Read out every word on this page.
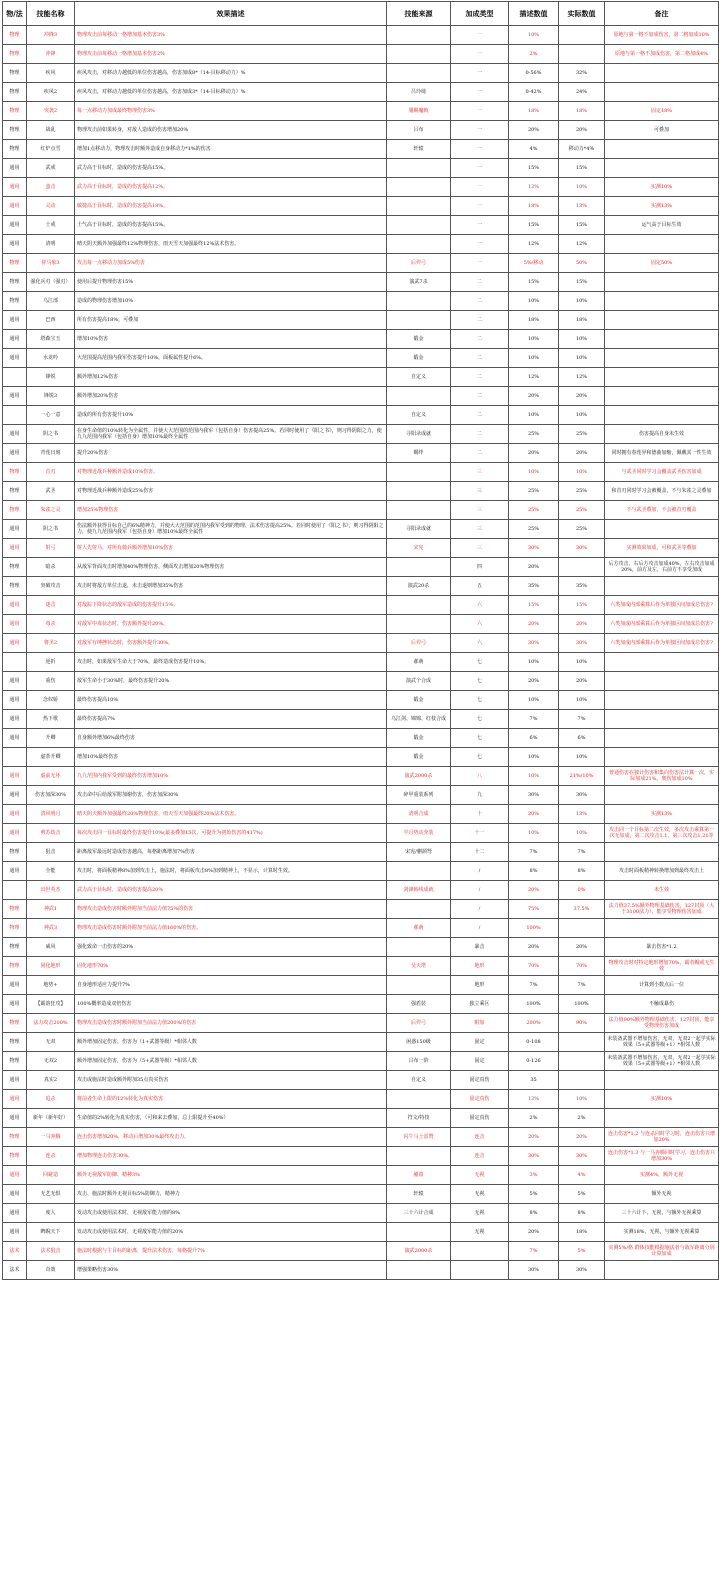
物/法	技能名称	效果描述	技能来源	加成类型	描述数值	实际数值	备注
物理	冲锋3	物理攻击前每移动一格增加基本伤害3%		一	10%		原地与第一格不加成伤害，第二格加成10%
物理	冲锋	物理攻击前每移动一格增加基本伤害2%		一	2%		原地与第一格不加成伤害，第二格加成4%
物理	疾风	疾风攻击，对移动力越低的单位伤害越高，伤害加成8*（14-目标移动力）%		一	0-56%	32%	
物理	疾风2	疾风攻击，对移动力越低的单位伤害越高，伤害加成3*（14-目标移动力）%	吕玲绮	一	0-42%	24%	
物理	突袭2	每一点移动力加成最终物理伤害3%	魇赐魔戟	一	18%	18%	固定18%
物理	战乱	物理攻击前如果转身，对敌人造成的伤害增加20%	吕布	一	20%	20%	可叠加
物理	红炉点雪	增加1点移动力，物理攻击时额外造成自身移动力*1%的伤害	轩辕	一	4%	移动力*4%	
通用	武戒	武力高于目标时，造成的伤害提高15%。		一	15%	15%	
通用	蛮击	武力高于目标时，造成的伤害提高12%。		一	12%	10%	实测10%
通用	灵动	敏捷高于目标时，造成的伤害提高18%。		一	18%	13%	实测13%
通用	士戒	士气高于目标时，造成的伤害提高15%。		一	15%	15%	运气高于目标生效
通用	清明	晴天阴天额外加强最终12%物理伤害，雨天雪天加强最终12%法术伤害。		一	12%	12%	
物理	祥马象3	攻击每一点移动力加成5%伤害	后羿弓	一	5%/移动	50%	固定50%
物理	强化兵刃（强刃）	使用后提升物理伤害15%	演武7杀	二	15%	15%	
物理	乌江部	造成的物理伤害增加10%		二	10%	10%	
通用	巴西	所有伤害提高18%，可叠加		二	18%	18%	
通用	塔森宝玉	增加10%伤害	锻金	二	10%	10%	
通用	水龙吟	大范围提高范围内我军伤害提升10%，面板属性提升6%。	锻金	二	10%	10%	
	锋锐	额外增加12%伤害	自定义	二	12%	12%	
通用	锋锐3	额外增加20%伤害		二	20%	20%	
	一心一意	造成的所有伤害提升10%	自定义	二	10%	10%	
通用	阴之书	在身生命值的10%转化为全属性，并使大大范围的范围内我军（包括自身）伤害提高25%。若同时使用了《阳之书》，则习得阴阳之力，使九九范围内我军（包括自身）增加10%最终全属性	寻阳录成就	二	25%	25%	伤害提高自身未生效
通用	青莲曰刻	提升20%伤害	赐绊	二	20%	20%	同时拥有春莲异和德曲加缩，佩戴其一性生效
物理	首刃	对物理近战兵种额外造成10%伤害。		三	10%	10%	与武圣同时学习会覆盖武圣伤害加成
物理	武圣	对物理近战兵种额外造成25%伤害		三	25%	25%	和首刃同时学习会被覆盖，不与朱雀之灵叠加
物理	朱雀之灵	增加25%物理伤害		三	25%	25%	不与武圣叠加，不会被首刃覆盖
通用	阴之书	伤法额外获得目标自己的6%精神力，并使大大范围的范围内我军受到的物理、法术伤害提高25%。若同时使用了《阳之书》，则习得阴阳之力，使九九范围内我军（包括自身）增加10%最终全属性	寻阳录成就	三	25%	25%	
通用	射弓	射人先射马，对所有骑兵额外增加10%伤害	宋宪	三	30%	30%	实测效果加成，可和武圣等叠加
物理	暗杀	从敌军背面攻击时增加40%物理伤害，侧面攻击增加20%物理伤害		四	20%		后方攻击，右后方攻击加成40%，左右攻击加成20%，前方及左，右前方不享受加成
物理	突破攻击	攻击时将敌方单位击退，未击退则增加35%伤害	演武20杀	五	35%	35%	
通用	逐击	对敌踪下降状态的敌军造成的伤害提升15%。		六	15%	15%	六类加成内部乘算后作为单独区间加成总伤害?
通用	毒杀	对敌军中毒状态时，伤害额外提升20%。		六	20%	20%	六类加成内部乘算后作为单独区间加成总伤害?
通用	将圣2	对敌军有缚挫状态时，伤害额外提升30%。	后羿弓	六	30%	30%	六类加成内部乘算后作为单独区间加成总伤害?
	逆折	攻击时，如果敌军生命大于70%，最终造成伤害提升10%。	郝萌	七	10%	10%	
通用	重伤	敌军生命小于30%时，最终伤害提升20%	演武个合成	七	20%	20%	
通用	念奴娇	最终伤害提高10%	锻金	七	10%	10%	
通用	热下歌	最终伤害提高7%	乌江剑、锦锦、红枝合成	七	7%	7%	
通用	升卿	自身额外增加6%最终伤害	锻金	七	6%	6%	
	虚荼升卿	增加10%最终伤害	锻金	七	10%	10%	
通用	虚前无坏	九九范围内我军受到的最终伤害增加10%	演武2000杀	八	10%	21%/10%	普通伤害在独计伤害和集向伤害法计算一次，实际加成21%，奥伤加成10%
通用	伤害加深30%	攻击命中后给敌军附加谢伤害，伤害加深30%	碎甲重装系列	九	30%	30%	
通用	清风明月	晴天阴天额外加强最终20%物理伤害，雨天雪天加强最终20%法术伤害。	清明合成	十	20%	13%	实测13%
通用	剪苏劫击	每次攻击同一目标时最终伤害提升10%(最多叠加15次，可提升为初始伤害的417%)	半月势动充装	十一	10%	10%	攻击同一个目标第二次生效，多次攻击乘算第一次无加成，第二次攻击1.1，第三次攻击1.21等
物理	狙击	距离敌军最远时造成伤害越高，每格距离增加7%伤害	宋宪/蒯颉弩	十二	7%	7%	
通用	全能	攻击时，将面板精神8%加到攻击上，施法时，将面板攻击8%加到精神上，不显示，计算时生效。		/	8%	8%	攻击时面板精神转换增加到最终攻击上
	出世英杰	武力高于目标时，造成的伤害提高20%	剑锋韩线成就	/	20%	0%	未生效
物理	神武1	物理攻击造成伤害时额外附加当前法力值75%的伤害		/	75%	37.5%	法力值37.5%额外物理基础伤害，127封顶（大于3100法力），能享受物理伤害加成
物理	神武3	物理攻击造成伤害时额外附加当前法力值100%的伤害。	郝萌	/	100%		
物理	威风	强化致命一击伤害的20%		暴击	20%	20%	暴击伤害*1.2
物理	固化地形	固化地形70%	吴天塔	地形	70%	70%	物理攻击时对特定地形增加70%，霸者帽或无生效
通用	地势+	自身地形适应力提升7%		地形	7%	7%	计算到小数点后一位
通用	【霸韵狂攻】	100%概率造成双倍伤害	强盾装	独立乘区	100%	100%	不触成暴伤
物理	法力攻击200%	物理攻击造成伤害时额外附加当前法力值200%的伤害	后羿弓	附加	200%	90%	法力值90%额外物理基础伤害，127封顶，能享受物理伤害加成
物理	无双	额外增加固定伤害，伤害为（1+武器等级）*相邻人数	困惑150级	固定	0-108		未装备武器不增加伤害，无双，无双2一起学实际效果（5+武器等级+1）*相邻人数
物理	无双2	额外增加固定伤害，伤害为（5+武器等级）*相邻人数	吕布一阶	固定	0-126		未装备武器不增加伤害，无双，无双2一起学实际效果（5+武器等级+1）*相邻人数
通用	真实2	攻击或施法时造成额外附加35点真实伤害	自定义	固定真伤	35		
通用	追杀	将前者生命上限的12%转化为真实伤害		固定真伤	12%	10%	实测10%
通用	新年（新年好）	生命值的2%转化为真实伤害，（可和来去叠加，总上限提升至40%）	符文/特技	固定真伤	2%	2%	
物理	一马奔腾	连击伤害增加20%，移动后增加30%最终攻击力。	闪午马士雷赞	连击	20%	20%	连击伤害*1.2 与连杀同时学习时，连击伤害只增加20%
物理	连杀	增加物理连击伤害30%。		连击	30%	30%	连击伤害*1.3 与一马奔腾同时学习，连击伤害只增加30%
通用	回避造	额外无视敌军防御、精神3%	赭盈	无视	3%	4%	实测4%，额外无视
通用	无艺无惧	攻击、施法时额外无视目标5%防御力，精神力	轩辕	无视	5%	5%	额外无视
通用	度人	发动攻击或使用法术时，无视敌军能力值的8%	三十六计合成	无视	8%	8%	三十六计下，无视，与额外无视乘算
通用	睥睨天下	发动攻击或使用法术时，无视敌军能力值的20%		无视	20%	18%	实测18%，无视，与额外无视乘算
法术	法术狙击	施法时根据与主目标的距离，提升法术伤害，每格提升7%	演武2000杀		7%	5%	实测5%/格 群体技能根据施法者与敌军距离分别计算加成
法术	奇策	增强策略伤害30%			30%	30%	
